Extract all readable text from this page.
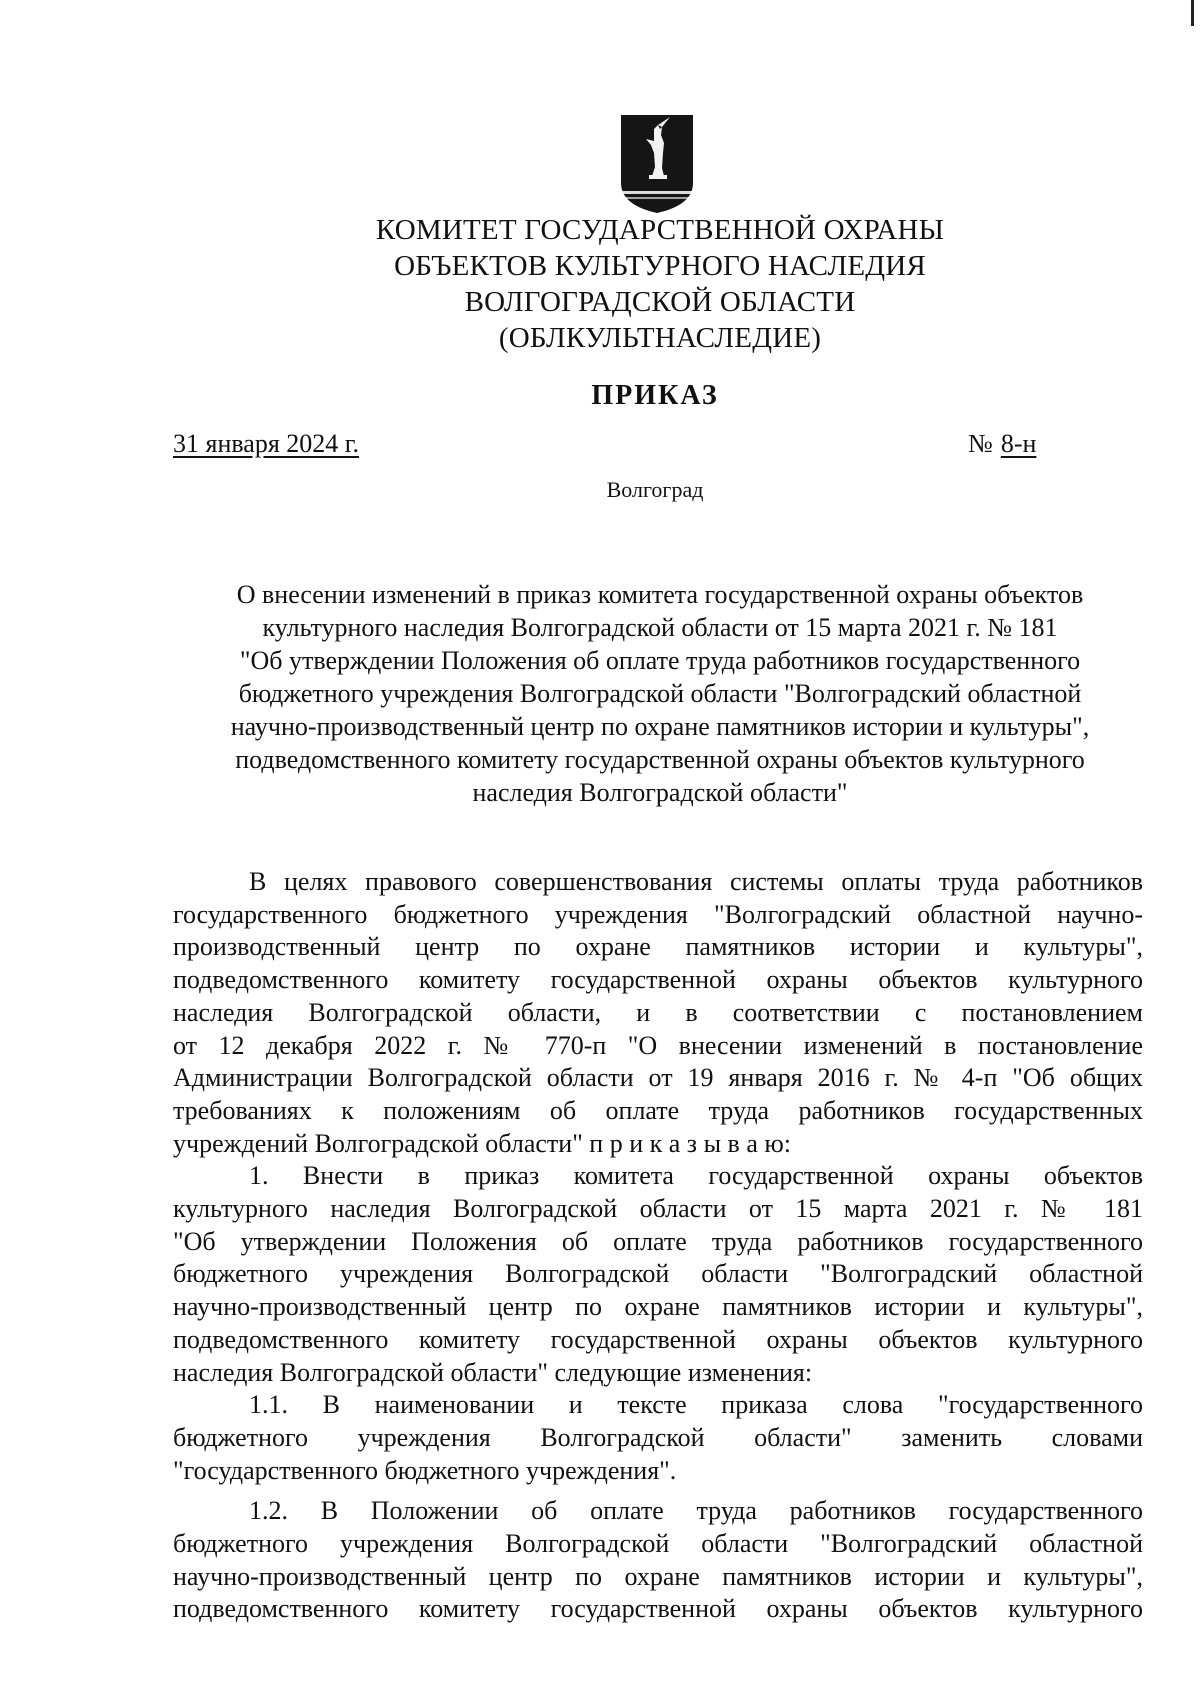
КОМИТЕТ ГОСУДАРСТВЕННОЙ ОХРАНЫ
ОБЪЕКТОВ КУЛЬТУРНОГО НАСЛЕДИЯ
ВОЛГОГРАДСКОЙ ОБЛАСТИ
(ОБЛКУЛЬТНАСЛЕДИЕ)
ПРИКАЗ
31 января 2024 г.	№ 8-н
Волгоград
О внесении изменений в приказ комитета государственной охраны объектов
культурного наследия Волгоградской области от 15 марта 2021 г. № 181
"Об утверждении Положения об оплате труда работников государственного
бюджетного учреждения Волгоградской области "Волгоградский областной
научно-производственный центр по охране памятников истории и культуры",
подведомственного комитету государственной охраны объектов культурного
наследия Волгоградской области"
В целях правового совершенствования системы оплаты труда работников
государственного бюджетного учреждения "Волгоградский областной научно-
производственный центр по охране памятников истории и культуры",
подведомственного комитету государственной охраны объектов культурного
наследия Волгоградской области, и в соответствии с постановлением
от 12 декабря 2022 г. № 770-п "О внесении изменений в постановление
Администрации Волгоградской области от 19 января 2016 г. № 4-п "Об общих
требованиях к положениям об оплате труда работников государственных
учреждений Волгоградской области" п р и к а з ы в а ю:
1. Внести в приказ комитета государственной охраны объектов
культурного наследия Волгоградской области от 15 марта 2021 г. № 181
"Об утверждении Положения об оплате труда работников государственного
бюджетного учреждения Волгоградской области "Волгоградский областной
научно-производственный центр по охране памятников истории и культуры",
подведомственного комитету государственной охраны объектов культурного
наследия Волгоградской области" следующие изменения:
1.1. В наименовании и тексте приказа слова "государственного
бюджетного учреждения Волгоградской области" заменить словами
"государственного бюджетного учреждения".
1.2. В Положении об оплате труда работников государственного
бюджетного учреждения Волгоградской области "Волгоградский областной
научно-производственный центр по охране памятников истории и культуры",
подведомственного комитету государственной охраны объектов культурного
